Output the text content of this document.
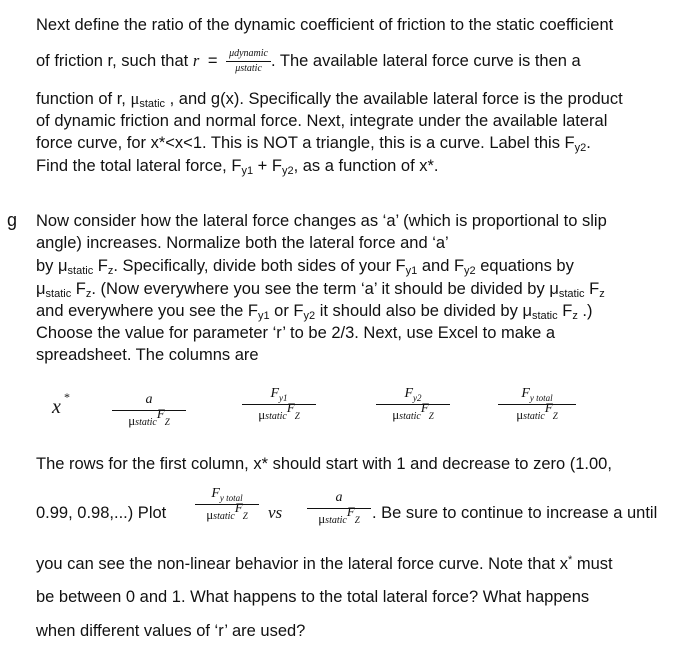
Next define the ratio of the dynamic coefficient of friction to the static coefficient
of friction r, such that $r = \frac{\text{μdynamic}}{\text{μstatic}}$ . The available lateral force curve is then a
function of r, $\mu_{static}$ , and g(x). Specifically the available lateral force is the product
of dynamic friction and normal force. Next, integrate under the available lateral
force curve, for x*<x<1. This is NOT a triangle, this is a curve. Label this $F_{y2}$.
Find the total lateral force, $F_{y1} + F_{y2}$, as a function of x*.
g Now consider how the lateral force changes as ‘a’ (which is proportional to slip
angle) increases. Normalize both the lateral force and ‘a’
by $\mu_{static}$ $F_z$. Specifically, divide both sides of your $F_{y1}$ and $F_{y2}$ equations by
$\mu_{static}$ $F_z$. (Now everywhere you see the term ‘a’ it should be divided by $\mu_{static}$ $F_z$
and everywhere you see the $F_{y1}$ or $F_{y2}$ it should also be divided by $\mu_{static}$ $F_z$ .)
Choose the value for parameter ‘r’ to be 2/3. Next, use Excel to make a
spreadsheet. The columns are
x *	a
μstaticFZ
$F_{y1}$
μstaticFZ
$F_{y2}$
μstaticFZ
$F_{y total}$
μstaticFZ
The rows for the first column, x* should start with 1 and decrease to zero (1.00,
0.99, 0.98,...) Plot
$F_{y total}$
μstaticFZ	vs
a
μstaticFZ . Be sure to continue to increase a until
you can see the non-linear behavior in the lateral force curve. Note that x* must
be between 0 and 1. What happens to the total lateral force? What happens
when different values of ‘r’ are used?
